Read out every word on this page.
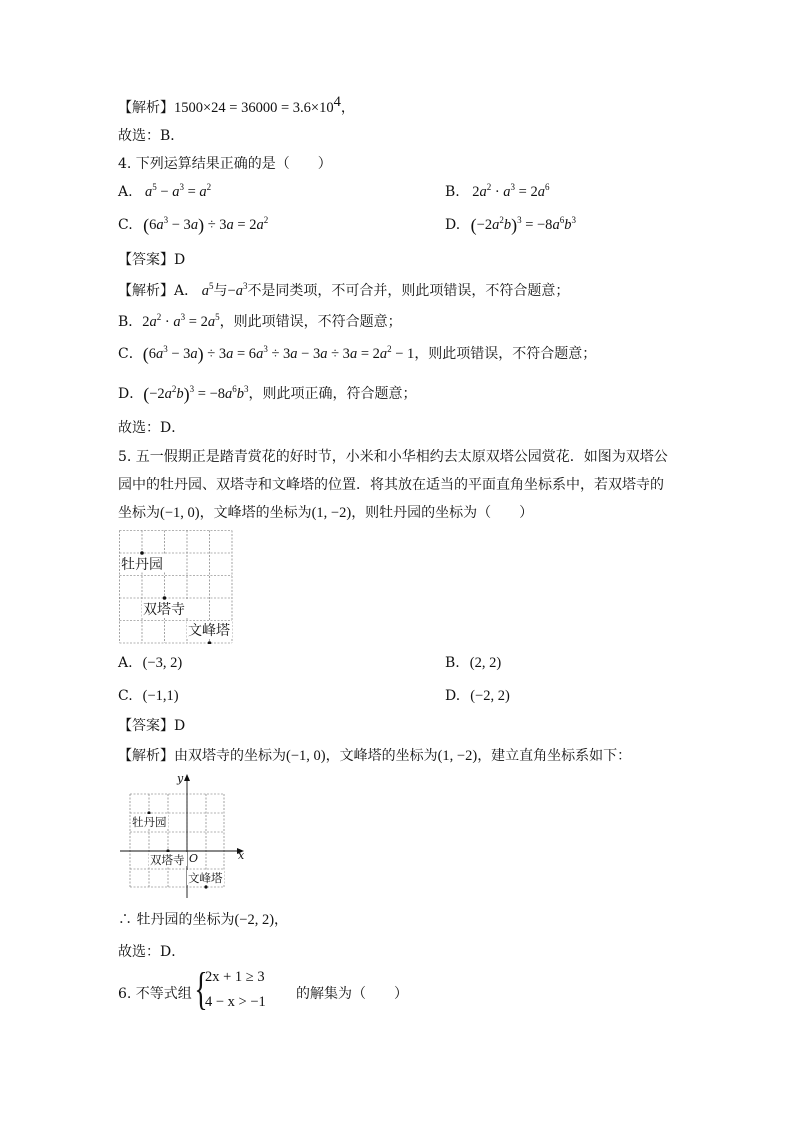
【解析】$1500\times 24 = 36000 = 3.6\times 10^4$，
故选：B．
4. 下列运算结果正确的是（　　）
A. $a^5 - a^3 = a^2$	B. $2a^2 \cdot a^3 = 2a^6$
C. $(6a^3 - 3a) \div 3a = 2a^2$	D. $(-2a^2b)^3 = -8a^6b^3$
【答案】D
【解析】A． $a^5$与$-a^3$不是同类项，不可合并，则此项错误，不符合题意；
B．$2a^2 \cdot a^3 = 2a^5$，则此项错误，不符合题意；
C．$(6a^3 - 3a) \div 3a = 6a^3 \div 3a - 3a \div 3a = 2a^2 - 1$，则此项错误，不符合题意；
D．$(-2a^2b)^3 = -8a^6b^3$，则此项正确，符合题意；
故选：D．
5. 五一假期正是踏青赏花的好时节，小米和小华相约去太原双塔公园赏花．如图为双塔公
园中的牡丹园、双塔寺和文峰塔的位置．将其放在适当的平面直角坐标系中，若双塔寺的
坐标为(−1, 0)，文峰塔的坐标为(1, −2)，则牡丹园的坐标为（　　）
牡丹园
双塔寺
文峰塔
A. (−3, 2)	B. (2, 2)
C. (−1,1)	D. (−2, 2)
【答案】D
【解析】由双塔寺的坐标为(−1, 0)，文峰塔的坐标为(1, −2)，建立直角坐标系如下：
x
y
O
牡丹园
双塔寺
文峰塔
∴ 牡丹园的坐标为(−2, 2)，
故选：D．
6. 不等式组 {
2x + 1 ≥ 3
4 − x > −1 的解集为（　　）
